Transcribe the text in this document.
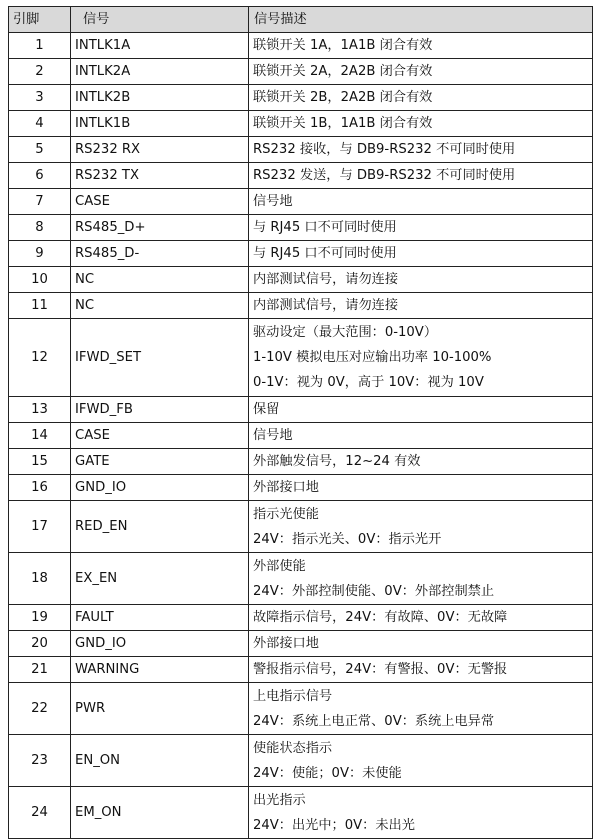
引脚	信号	信号描述
1	INTLK1A	联锁开关 1A，1A1B 闭合有效

2	INTLK2A	联锁开关 2A，2A2B 闭合有效

3	INTLK2B	联锁开关 2B，2A2B 闭合有效

4	INTLK1B	联锁开关 1B，1A1B 闭合有效

5	RS232 RX	RS232 接收，与 DB9-RS232 不可同时使用

6	RS232 TX	RS232 发送，与 DB9-RS232 不可同时使用

7	CASE	信号地

8	RS485_D+	与 RJ45 口不可同时使用

9	RS485_D-	与 RJ45 口不可同时使用

10	NC	内部测试信号，请勿连接

11	NC	内部测试信号，请勿连接

12	IFWD_SET	驱动设定（最大范围：0-10V）
1-10V 模拟电压对应输出功率 10-100%
0-1V：视为 0V，高于 10V：视为 10V

13	IFWD_FB	保留

14	CASE	信号地

15	GATE	外部触发信号，12~24 有效

16	GND_IO	外部接口地

17	RED_EN	指示光使能
24V：指示光关、0V：指示光开

18	EX_EN	外部使能
24V：外部控制使能、0V：外部控制禁止

19	FAULT	故障指示信号，24V：有故障、0V：无故障

20	GND_IO	外部接口地

21	WARNING	警报指示信号，24V：有警报、0V：无警报

22	PWR	上电指示信号
24V：系统上电正常、0V：系统上电异常

23	EN_ON	使能状态指示
24V：使能；0V：未使能

24	EM_ON	出光指示
24V：出光中；0V：未出光
